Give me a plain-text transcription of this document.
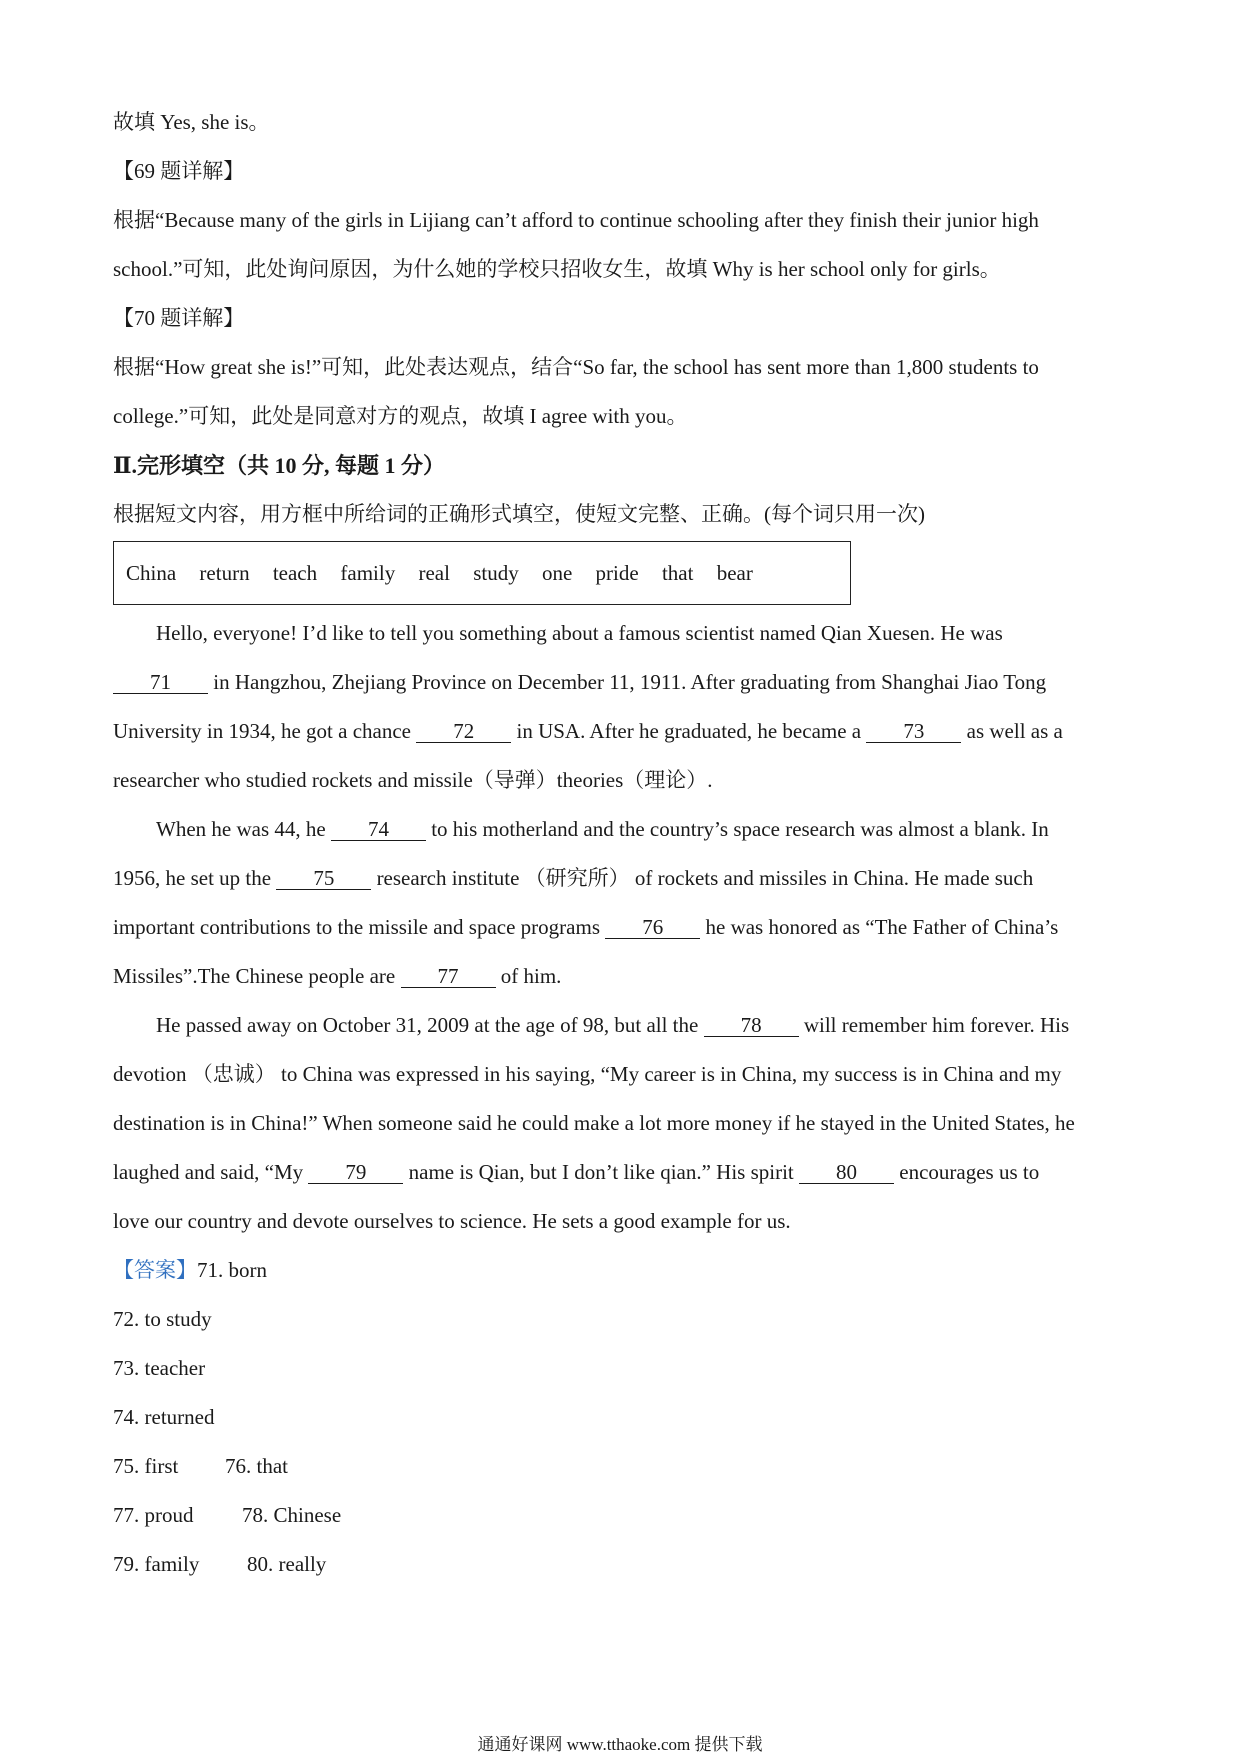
故填 Yes, she is。
【69 题详解】
根据“Because many of the girls in Lijiang can’t afford to continue schooling after they finish their junior high
school.”可知，此处询问原因，为什么她的学校只招收女生，故填 Why is her school only for girls。
【70 题详解】
根据“How great she is!”可知，此处表达观点，结合“So far, the school has sent more than 1,800 students to
college.”可知，此处是同意对方的观点，故填 I agree with you。
Ⅱ.完形填空（共 10 分, 每题 1 分）
根据短文内容，用方框中所给词的正确形式填空，使短文完整、正确。(每个词只用一次)
China return teach family real study one pride that bear
Hello, everyone! I’d like to tell you something about a famous scientist named Qian Xuesen. He was
71 in Hangzhou, Zhejiang Province on December 11, 1911. After graduating from Shanghai Jiao Tong
University in 1934, he got a chance 72 in USA. After he graduated, he became a 73 as well as a
researcher who studied rockets and missile（导弹）theories（理论）.
When he was 44, he 74 to his motherland and the country’s space research was almost a blank. In
1956, he set up the 75 research institute （研究所） of rockets and missiles in China. He made such
important contributions to the missile and space programs 76 he was honored as “The Father of China’s
Missiles”.The Chinese people are 77 of him.
He passed away on October 31, 2009 at the age of 98, but all the 78 will remember him forever. His
devotion （忠诚） to China was expressed in his saying, “My career is in China, my success is in China and my
destination is in China!” When someone said he could make a lot more money if he stayed in the United States, he
laughed and said, “My 79 name is Qian, but I don’t like qian.” His spirit 80 encourages us to
love our country and devote ourselves to science. He sets a good example for us.
【答案】71. born
72. to study
73. teacher
74. returned
75. first 76. that
77. proud 78. Chinese
79. family 80. really
通通好课网 www.tthaoke.com 提供下载
